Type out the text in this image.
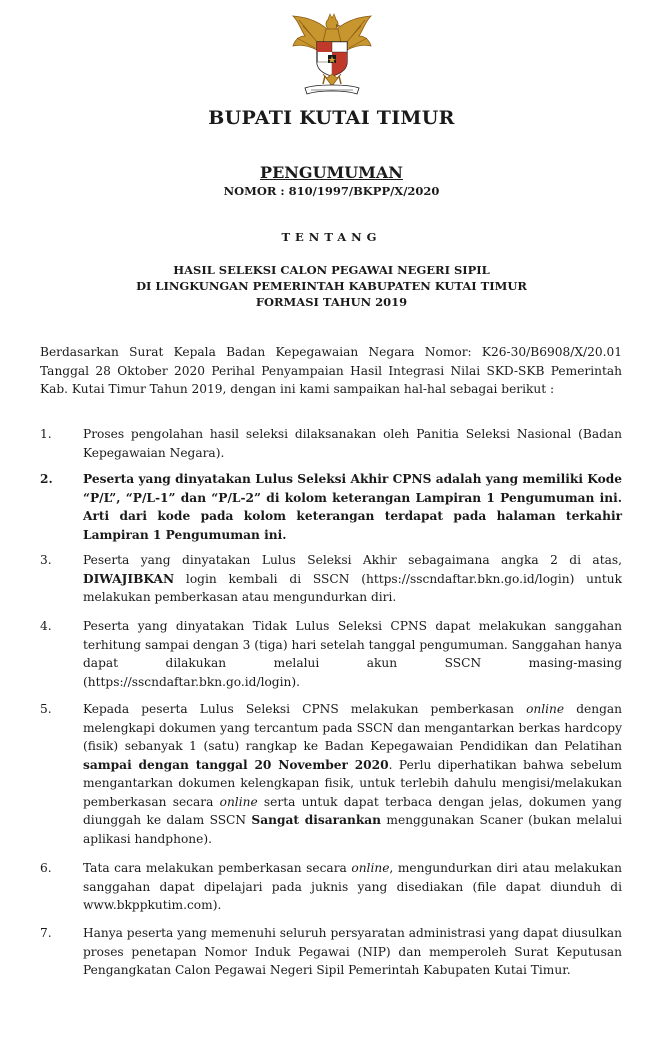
BUPATI KUTAI TIMUR
PENGUMUMAN
NOMOR : 810/1997/BKPP/X/2020
TENTANG
HASIL SELEKSI CALON PEGAWAI NEGERI SIPIL
DI LINGKUNGAN PEMERINTAH KABUPATEN KUTAI TIMUR
FORMASI TAHUN 2019
Berdasarkan Surat Kepala Badan Kepegawaian Negara Nomor: K26-30/B6908/X/20.01 Tanggal 28 Oktober 2020 Perihal Penyampaian Hasil Integrasi Nilai SKD-SKB Pemerintah Kab. Kutai Timur Tahun 2019, dengan ini kami sampaikan hal-hal sebagai berikut :
1.	Proses pengolahan hasil seleksi dilaksanakan oleh Panitia Seleksi Nasional (Badan Kepegawaian Negara).
2. Peserta yang dinyatakan Lulus Seleksi Akhir CPNS adalah yang memiliki Kode “P/L”, “P/L-1” dan “P/L-2” di kolom keterangan Lampiran 1 Pengumuman ini. Arti dari kode pada kolom keterangan terdapat pada halaman terkahir Lampiran 1 Pengumuman ini.
3.	Peserta yang dinyatakan Lulus Seleksi Akhir sebagaimana angka 2 di atas, DIWAJIBKAN login kembali di SSCN (https://sscndaftar.bkn.go.id/login) untuk melakukan pemberkasan atau mengundurkan diri.
4.	Peserta yang dinyatakan Tidak Lulus Seleksi CPNS dapat melakukan sanggahan terhitung sampai dengan 3 (tiga) hari setelah tanggal pengumuman. Sanggahan hanya dapat dilakukan melalui akun SSCN masing-masing (https://sscndaftar.bkn.go.id/login).
5.	Kepada peserta Lulus Seleksi CPNS melakukan pemberkasan online dengan melengkapi dokumen yang tercantum pada SSCN dan mengantarkan berkas hardcopy (fisik) sebanyak 1 (satu) rangkap ke Badan Kepegawaian Pendidikan dan Pelatihan sampai dengan tanggal 20 November 2020. Perlu diperhatikan bahwa sebelum mengantarkan dokumen kelengkapan fisik, untuk terlebih dahulu mengisi/melakukan pemberkasan secara online serta untuk dapat terbaca dengan jelas, dokumen yang diunggah ke dalam SSCN Sangat disarankan menggunakan Scaner (bukan melalui aplikasi handphone).
6.	Tata cara melakukan pemberkasan secara online, mengundurkan diri atau melakukan sanggahan dapat dipelajari pada juknis yang disediakan (file dapat diunduh di www.bkppkutim.com).
7.	Hanya peserta yang memenuhi seluruh persyaratan administrasi yang dapat diusulkan proses penetapan Nomor Induk Pegawai (NIP) dan memperoleh Surat Keputusan Pengangkatan Calon Pegawai Negeri Sipil Pemerintah Kabupaten Kutai Timur.
